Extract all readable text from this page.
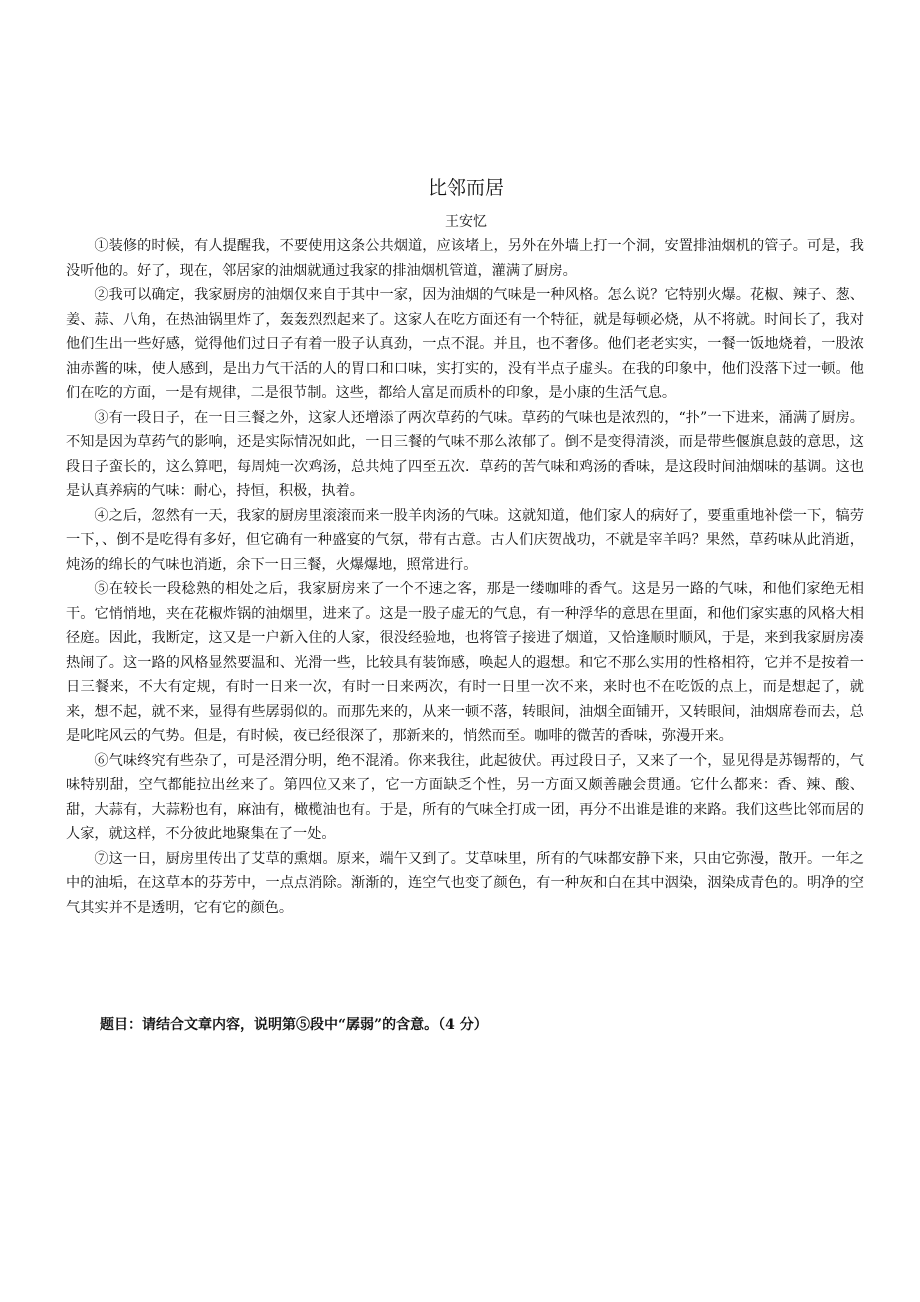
比邻而居
王安忆

①装修的时候，有人提醒我，不要使用这条公共烟道，应该堵上，另外在外墙上打一个洞，安置排油烟机的管子。可是，我没听他的。好了，现在，邻居家的油烟就通过我家的排油烟机管道，灌满了厨房。

②我可以确定，我家厨房的油烟仅来自于其中一家，因为油烟的气味是一种风格。怎么说？它特别火爆。花椒、辣子、葱、姜、蒜、八角，在热油锅里炸了，轰轰烈烈起来了。这家人在吃方面还有一个特征，就是每顿必烧，从不将就。时间长了，我对他们生出一些好感，觉得他们过日子有着一股子认真劲，一点不混。并且，也不奢侈。他们老老实实，一餐一饭地烧着，一股浓油赤酱的味，使人感到，是出力气干活的人的胃口和口味，实打实的，没有半点子虚头。在我的印象中，他们没落下过一顿。他们在吃的方面，一是有规律，二是很节制。这些，都给人富足而质朴的印象，是小康的生活气息。

③有一段日子，在一日三餐之外，这家人还增添了两次草药的气味。草药的气味也是浓烈的，“扑”一下进来，涌满了厨房。不知是因为草药气的影响，还是实际情况如此，一日三餐的气味不那么浓郁了。倒不是变得清淡，而是带些偃旗息鼓的意思，这段日子蛮长的，这么算吧，每周炖一次鸡汤，总共炖了四至五次．草药的苦气味和鸡汤的香味，是这段时间油烟味的基调。这也是认真养病的气味：耐心，持恒，积极，执着。

④之后，忽然有一天，我家的厨房里滚滚而来一股羊肉汤的气味。这就知道，他们家人的病好了，要重重地补偿一下，犒劳一下，、倒不是吃得有多好，但它确有一种盛宴的气氛，带有古意。古人们庆贺战功，不就是宰羊吗？果然，草药味从此消逝，炖汤的绵长的气味也消逝，余下一日三餐，火爆爆地，照常进行。

⑤在较长一段稔熟的相处之后，我家厨房来了一个不速之客，那是一缕咖啡的香气。这是另一路的气味，和他们家绝无相干。它悄悄地，夹在花椒炸锅的油烟里，进来了。这是一股子虚无的气息，有一种浮华的意思在里面，和他们家实惠的风格大相径庭。因此，我断定，这又是一户新入住的人家，很没经验地，也将管子接进了烟道，又恰逢顺时顺风，于是，来到我家厨房凑热闹了。这一路的风格显然要温和、光滑一些，比较具有装饰感，唤起人的遐想。和它不那么实用的性格相符，它并不是按着一日三餐来，不大有定规，有时一日来一次，有时一日来两次，有时一日里一次不来，来时也不在吃饭的点上，而是想起了，就来，想不起，就不来，显得有些孱弱似的。而那先来的，从来一顿不落，转眼间，油烟全面铺开，又转眼间，油烟席卷而去，总是叱咤风云的气势。但是，有时候，夜已经很深了，那新来的，悄然而至。咖啡的微苦的香味，弥漫开来。

⑥气味终究有些杂了，可是泾渭分明，绝不混淆。你来我往，此起彼伏。再过段日子，又来了一个，显见得是苏锡帮的，气味特别甜，空气都能拉出丝来了。第四位又来了，它一方面缺乏个性，另一方面又颇善融会贯通。它什么都来：香、辣、酸、甜，大蒜有，大蒜粉也有，麻油有，橄榄油也有。于是，所有的气味全打成一团，再分不出谁是谁的来路。我们这些比邻而居的人家，就这样，不分彼此地聚集在了一处。

⑦这一日，厨房里传出了艾草的熏烟。原来，端午又到了。艾草味里，所有的气味都安静下来，只由它弥漫，散开。一年之中的油垢，在这草本的芬芳中，一点点消除。渐渐的，连空气也变了颜色，有一种灰和白在其中洇染，洇染成青色的。明净的空气其实并不是透明，它有它的颜色。

题目：请结合文章内容，说明第⑤段中“孱弱”的含意。（4 分）
